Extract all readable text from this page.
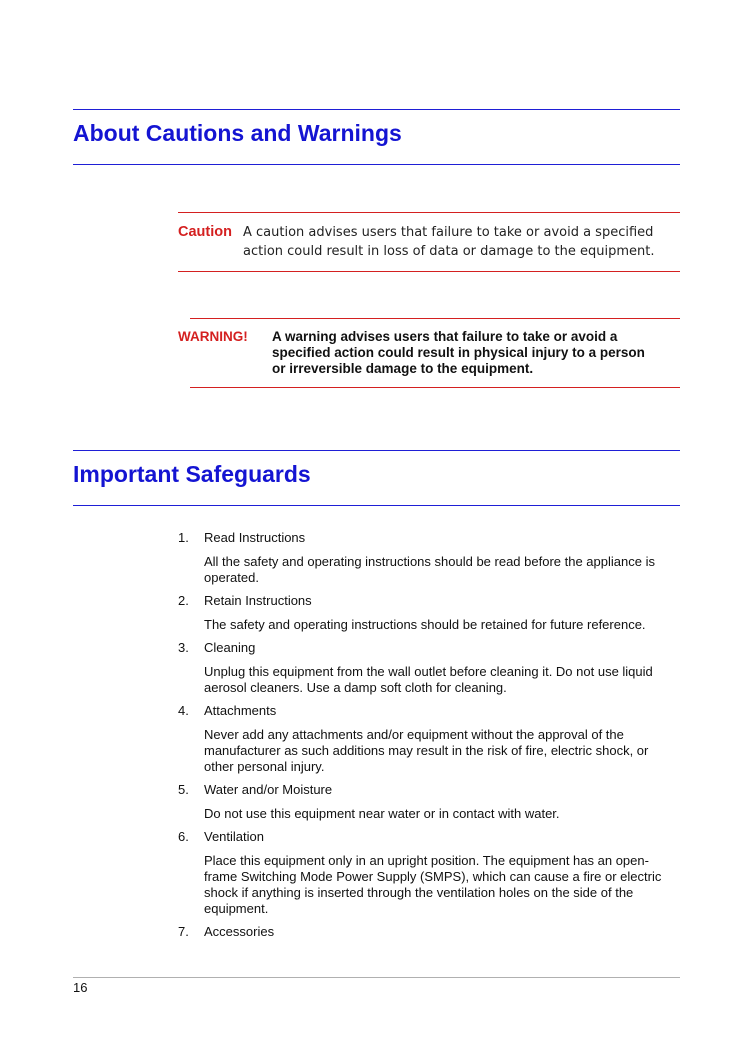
About Cautions and Warnings
Caution A caution advises users that failure to take or avoid a specified action could result in loss of data or damage to the equipment.
WARNING! A warning advises users that failure to take or avoid a specified action could result in physical injury to a person or irreversible damage to the equipment.
Important Safeguards
1.	Read Instructions
All the safety and operating instructions should be read before the appliance is operated.
2.	Retain Instructions
The safety and operating instructions should be retained for future reference.
3.	Cleaning
Unplug this equipment from the wall outlet before cleaning it. Do not use liquid aerosol cleaners. Use a damp soft cloth for cleaning.
4.	Attachments
Never add any attachments and/or equipment without the approval of the manufacturer as such additions may result in the risk of fire, electric shock, or other personal injury.
5.	Water and/or Moisture
Do not use this equipment near water or in contact with water.
6.	Ventilation
Place this equipment only in an upright position. The equipment has an open-frame Switching Mode Power Supply (SMPS), which can cause a fire or electric shock if anything is inserted through the ventilation holes on the side of the equipment.
7.	Accessories
16
